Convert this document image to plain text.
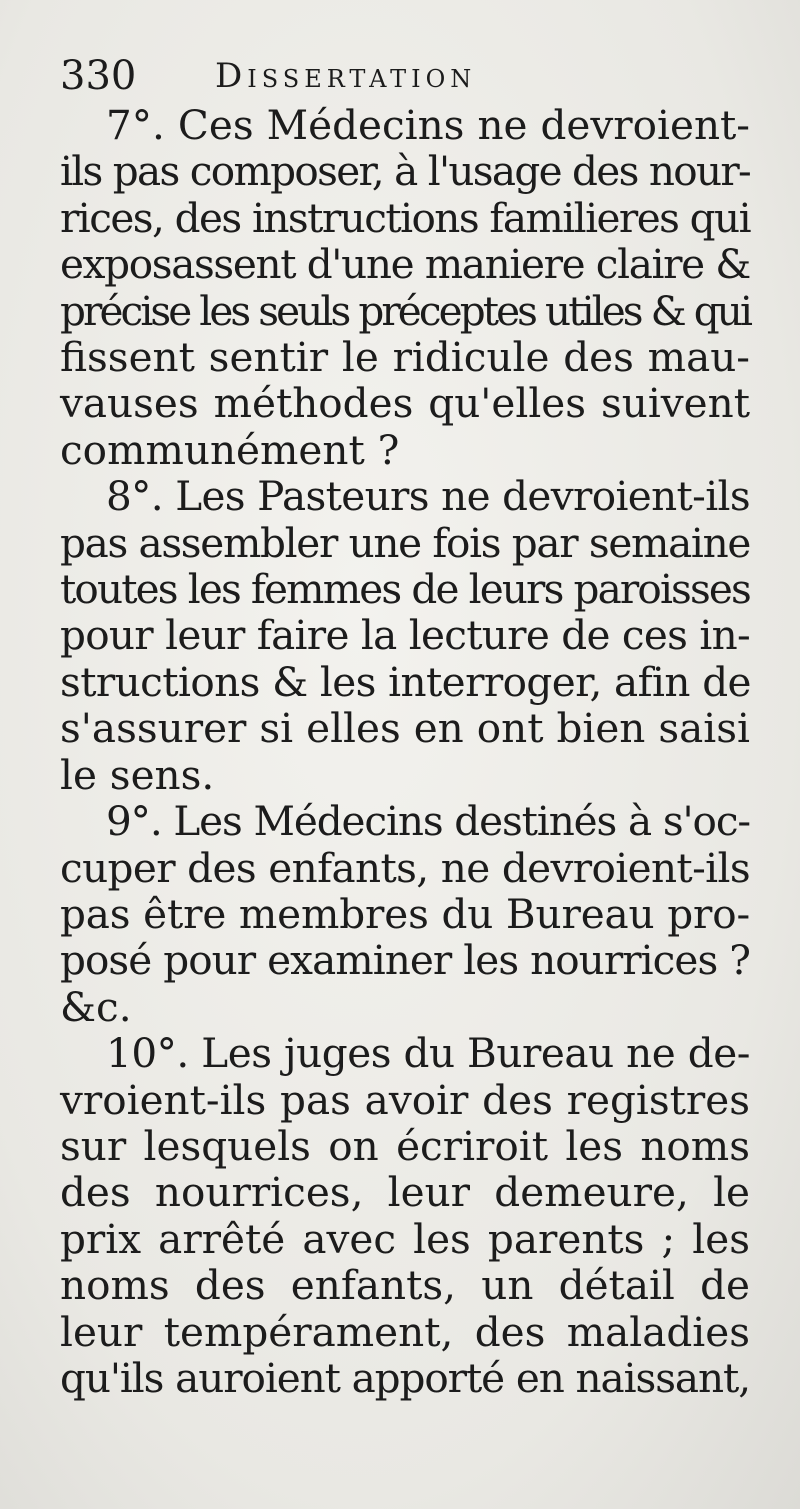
330 Dissertation

7°. Ces Médecins ne devroient-
ils pas composer, à l'usage des nour-
rices, des instructions familieres qui
exposassent d'une maniere claire &
précise les seuls préceptes utiles & qui
fissent sentir le ridicule des mau-
vauses méthodes qu'elles suivent
communément ?

8°. Les Pasteurs ne devroient-ils
pas assembler une fois par semaine
toutes les femmes de leurs paroisses
pour leur faire la lecture de ces in-
structions & les interroger, afin de
s'assurer si elles en ont bien saisi
le sens.

9°. Les Médecins destinés à s'oc-
cuper des enfants, ne devroient-ils
pas être membres du Bureau pro-
posé pour examiner les nourrices ?
&c.

10°. Les juges du Bureau ne de-
vroient-ils pas avoir des registres
sur lesquels on écriroit les noms
des nourrices, leur demeure, le
prix arrêté avec les parents ; les
noms des enfants, un détail de
leur tempérament, des maladies
qu'ils auroient apporté en naissant,
